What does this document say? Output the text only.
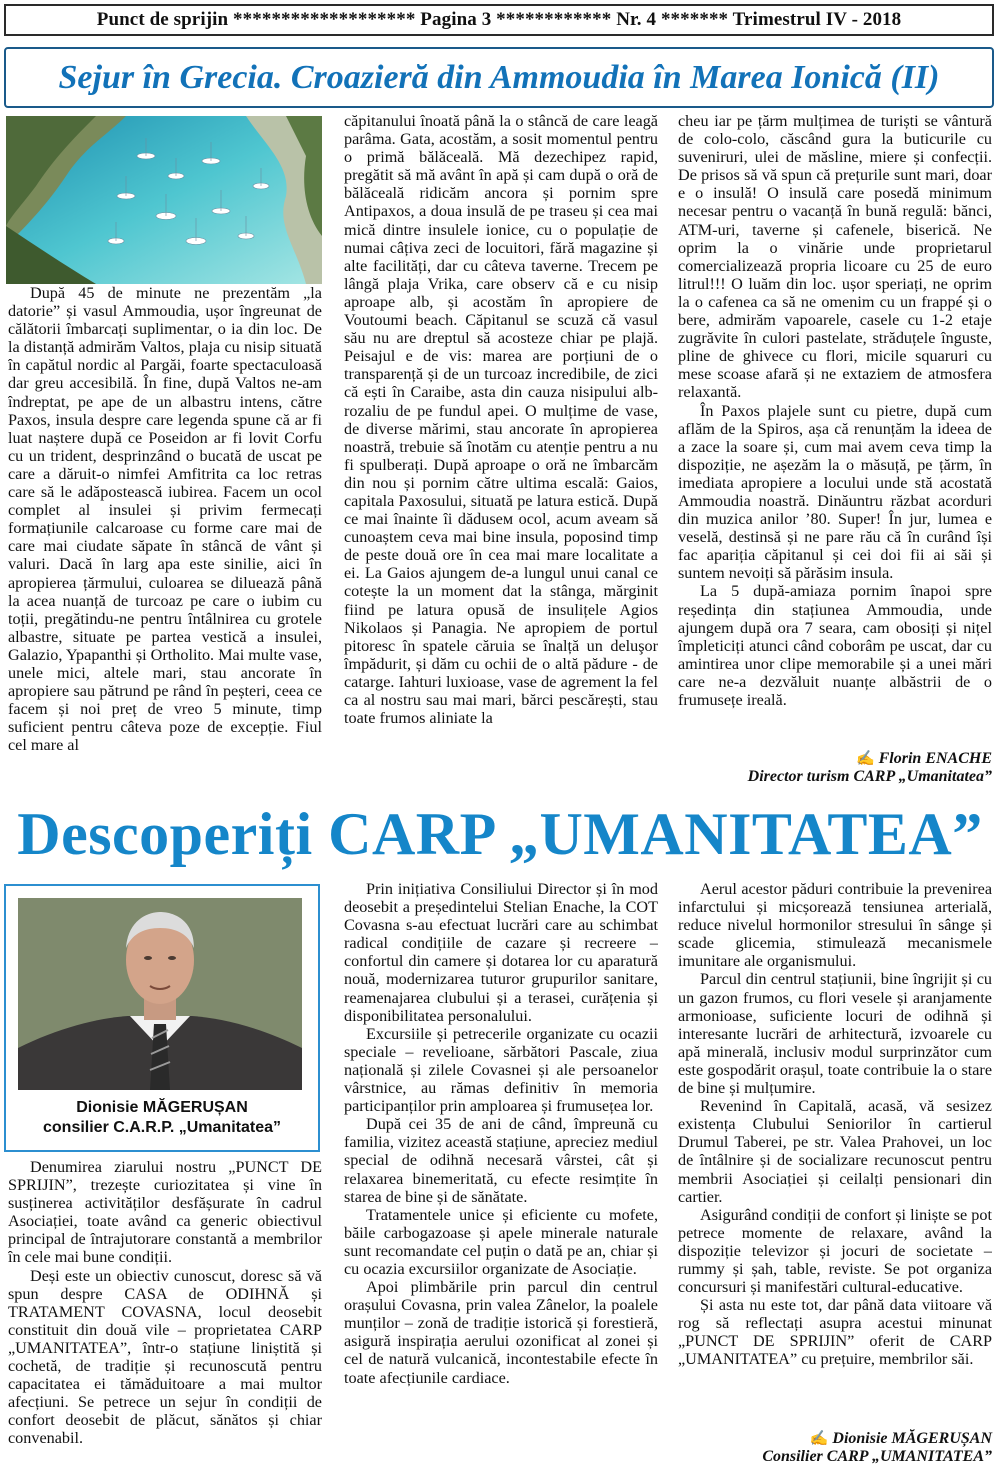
Punct de sprijin ******************* Pagina 3 ************ Nr. 4 ******* Trimestrul IV - 2018
Sejur în Grecia. Croazieră din Ammoudia în Marea Ionică (II)

După 45 de minute ne prezentăm „la datorie” și vasul Ammoudia, ușor îngreunat de călătorii îmbarcați suplimentar, o ia din loc. De la distanță admirăm Valtos, plaja cu nisip situată în capătul nordic al Pargăi, foarte spectaculoasă dar greu accesibilă. În fine, după Valtos ne-am îndreptat, pe ape de un albastru intens, către Paxos, insula despre care legenda spune că ar fi luat naștere după ce Poseidon ar fi lovit Corfu cu un trident, desprinzând o bucată de uscat pe care a dăruit-o nimfei Amfitrita ca loc retras care să le adăpostească iubirea. Facem un ocol complet al insulei și privim fermecați formațiunile calcaroase cu forme care mai de care mai ciudate săpate în stâncă de vânt și valuri. Dacă în larg apa este sinilie, aici în apropierea țărmului, culoarea se diluează până la acea nuanță de turcoaz pe care o iubim cu toții, pregătindu-ne pentru întâlnirea cu grotele albastre, situate pe partea vestică a insulei, Galazio, Ypapanthi și Ortholito. Mai multe vase, unele mici, altele mari, stau ancorate în apropiere sau pătrund pe rând în peșteri, ceea ce facem și noi preț de vreo 5 minute, timp suficient pentru câteva poze de excepție. Fiul cel mare al

căpitanului înoată până la o stâncă de care leagă parâma. Gata, acostăm, a sosit momentul pentru o primă bălăceală. Mă dezechipez rapid, pregătit să mă avânt în apă și cam după o oră de bălăceală ridicăm ancora și pornim spre Antipaxos, a doua insulă de pe traseu și cea mai mică dintre insulele ionice, cu o populație de numai câțiva zeci de locuitori, fără magazine și alte facilități, dar cu câteva taverne. Trecem pe lângă plaja Vrika, care observ că e cu nisip aproape alb, și acostăm în apropiere de Voutoumi beach. Căpitanul se scuză că vasul său nu are dreptul să acosteze chiar pe plajă. Peisajul e de vis: marea are porțiuni de o transparență și de un turcoaz incredibile, de zici că ești în Caraibe, asta din cauza nisipului alb-rozaliu de pe fundul apei. O mulțime de vase, de diverse mărimi, stau ancorate în apropierea noastră, trebuie să înotăm cu atenție pentru a nu fi spulberați. După aproape o oră ne îmbarcăm din nou și pornim către ultima escală: Gaios, capitala Paxosului, situată pe latura estică. După ce mai înainte îi dăduseм ocol, acum aveam să cunoaștem ceva mai bine insula, poposind timp de peste două ore în cea mai mare localitate a ei. La Gaios ajungem de-a lungul unui canal ce cotește la un moment dat la stânga, mărginit fiind pe latura opusă de insulițele Agios Nikolaos și Panagia. Ne apropiem de portul pitoresc în spatele căruia se înalță un deluşor împădurit, și dăm cu ochii de o altă pădure - de catarge. Iahturi luxioase, vase de agrement la fel ca al nostru sau mai mari, bărci pescărești, stau toate frumos aliniate la

cheu iar pe țărm mulțimea de turiști se vântură de colo-colo, căscând gura la buticurile cu suveniruri, ulei de măsline, miere și confecții. De prisos să vă spun că prețurile sunt mari, doar e o insulă! O insulă care posedă minimum necesar pentru o vacanță în bună regulă: bănci, ATM-uri, taverne și cafenele, biserică. Ne oprim la o vinărie unde proprietarul comercializează propria licoare cu 25 de euro litrul!!! O luăm din loc. ușor speriați, ne oprim la o cafenea ca să ne omenim cu un frappé și o bere, admirăm vapoarele, casele cu 1-2 etaje zugrăvite în culori pastelate, străduțele înguste, pline de ghivece cu flori, micile squaruri cu mese scoase afară și ne extaziem de atmosfera relaxantă.

În Paxos plajele sunt cu pietre, după cum aflăm de la Spiros, așa că renunțăm la ideea de a zace la soare și, cum mai avem ceva timp la dispoziție, ne așezăm la o măsuță, pe țărm, în imediata apropiere a locului unde stă acostată Ammoudia noastră. Dinăuntru răzbat acorduri din muzica anilor ’80. Super! În jur, lumea e veselă, destinsă și ne pare rău că în curând își fac apariția căpitanul și cei doi fii ai săi și suntem nevoiți să părăsim insula.

La 5 după-amiaza pornim înapoi spre reședința din stațiunea Ammoudia, unde ajungem după ora 7 seara, cam obosiți și nițel împleticiți atunci când coborâm pe uscat, dar cu amintirea unor clipe memorabile și a unei mări care ne-a dezvăluit nuanțe albăstrii de o frumusețe ireală.

✍ Florin ENACHE
Director turism CARP „Umanitatea”
Descoperiți CARP „UMANITATEA”
Dionisie MĂGERUȘAN
consilier C.A.R.P. „Umanitatea”

Denumirea ziarului nostru „PUNCT DE SPRIJIN”, trezește curiozitatea și vine în susținerea activităților desfășurate în cadrul Asociației, toate având ca generic obiectivul principal de întrajutorare constantă a membrilor în cele mai bune condiții.

Deși este un obiectiv cunoscut, doresc să vă spun despre CASA de ODIHNĂ și TRATAMENT COVASNA, locul deosebit constituit din două vile – proprietatea CARP „UMANITATEA”, într-o stațiune liniștită și cochetă, de tradiție și recunoscută pentru capacitatea ei tămăduitoare a mai multor afecțiuni. Se petrece un sejur în condiții de confort deosebit de plăcut, sănătos și chiar convenabil.

Prin inițiativa Consiliului Director și în mod deosebit a președintelui Stelian Enache, la COT Covasna s-au efectuat lucrări care au schimbat radical condițiile de cazare și recreere – confortul din camere și dotarea lor cu aparatură nouă, modernizarea tuturor grupurilor sanitare, reamenajarea clubului și a terasei, curățenia și disponibilitatea personalului.

Excursiile și petrecerile organizate cu ocazii speciale – revelioane, sărbători Pascale, ziua națională și zilele Covasnei și ale persoanelor vârstnice, au rămas definitiv în memoria participanților prin amploarea și frumusețea lor.

După cei 35 de ani de când, împreună cu familia, vizitez această stațiune, apreciez mediul special de odihnă necesară vârstei, cât și relaxarea binemeritată, cu efecte resimțite în starea de bine și de sănătate.

Tratamentele unice și eficiente cu mofete, băile carbogazoase și apele minerale naturale sunt recomandate cel puțin o dată pe an, chiar și cu ocazia excursiilor organizate de Asociație.

Apoi plimbările prin parcul din centrul orașului Covasna, prin valea Zânelor, la poalele munților – zonă de tradiție istorică și forestieră, asigură inspirația aerului ozonificat al zonei și cel de natură vulcanică, incontestabile efecte în toate afecțiunile cardiace.

Aerul acestor păduri contribuie la prevenirea infarctului și micșorează tensiunea arterială, reduce nivelul hormonilor stresului în sânge și scade glicemia, stimulează mecanismele imunitare ale organismului.

Parcul din centrul stațiunii, bine îngrijit și cu un gazon frumos, cu flori vesele și aranjamente armonioase, suficiente locuri de odihnă și interesante lucrări de arhitectură, izvoarele cu apă minerală, inclusiv modul surprinzător cum este gospodărit orașul, toate contribuie la o stare de bine și mulțumire.

Revenind în Capitală, acasă, vă sesizez existența Clubului Seniorilor în cartierul Drumul Taberei, pe str. Valea Prahovei, un loc de întâlnire și de socializare recunoscut pentru membrii Asociației și ceilalți pensionari din cartier.

Asigurând condiții de confort și liniște se pot petrece momente de relaxare, având la dispoziție televizor și jocuri de societate – rummy și șah, table, reviste. Se pot organiza concursuri și manifestări cultural-educative.

Și asta nu este tot, dar până data viitoare vă rog să reflectați asupra acestui minunat „PUNCT DE SPRIJIN” oferit de CARP „UMANITATEA” cu prețuire, membrilor săi.

✍ Dionisie MĂGERUȘAN
Consilier CARP „UMANITATEA”
